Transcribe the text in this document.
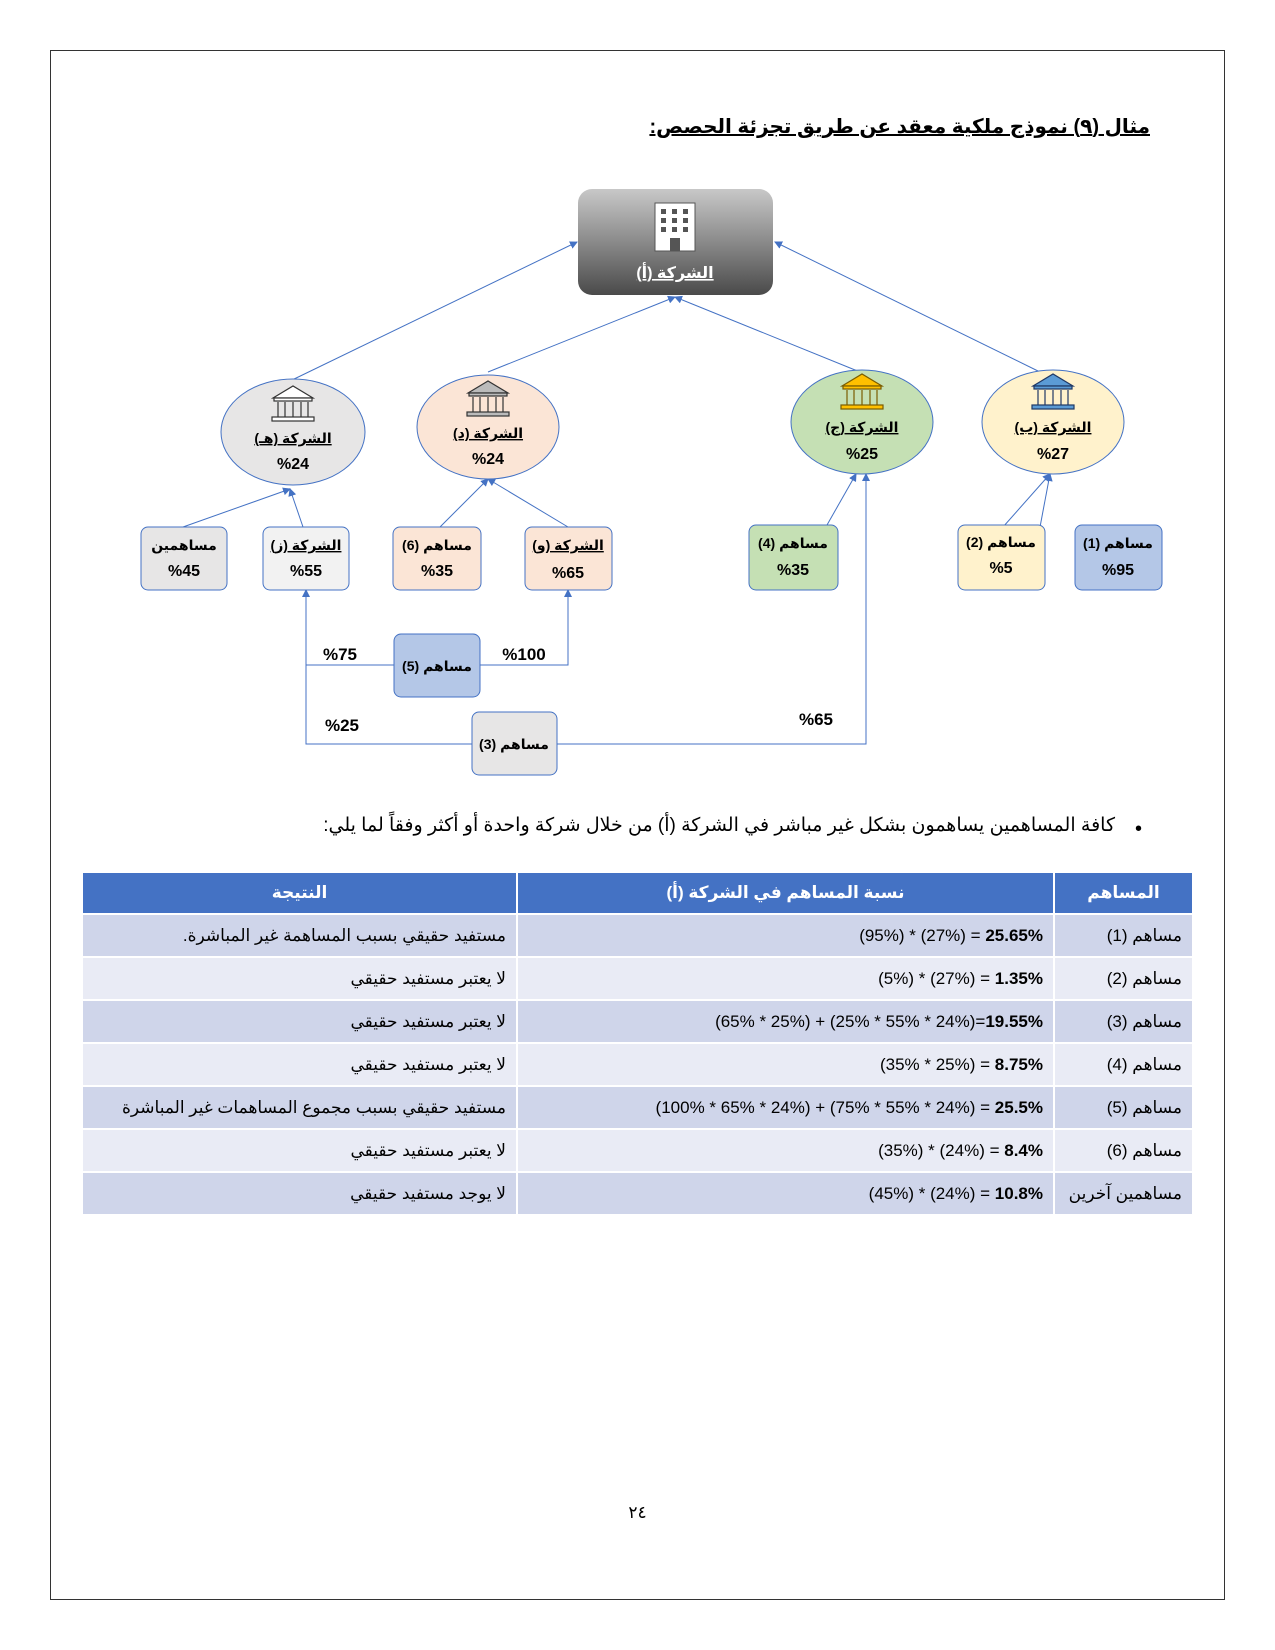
مثال (٩) نموذج ملكية معقد عن طريق تجزئة الحصص:
الشركة (أ)
الشركة (هـ)
%24
الشركة (د)
%24
الشركة (ج)
%25
الشركة (ب)
%27
مساهمين
%45
الشركة (ز)
%55
مساهم (6)
%35
الشركة (و)
%65
مساهم (4)
%35
مساهم (2)
%5
مساهم (1)
%95
مساهم (5)
%75	%100
مساهم (3)
%25	%65
•
كافة المساهمين يساهمون بشكل غير مباشر في الشركة (أ) من خلال شركة واحدة أو أكثر وفقاً لما يلي:
المساهم	نسبة المساهم في الشركة (أ)	النتيجة
مساهم (1)	(95%) * (27%) = 25.65%	مستفيد حقيقي بسبب المساهمة غير المباشرة.
مساهم (2)	(5%) * (27%) = 1.35%	لا يعتبر مستفيد حقيقي
مساهم (3)	(65% * 25%) + (25% * 55% * 24%)=19.55%	لا يعتبر مستفيد حقيقي
مساهم (4)	(35% * 25%) = 8.75%	لا يعتبر مستفيد حقيقي
مساهم (5)	(100% * 65% * 24%) + (75% * 55% * 24%) = 25.5%	مستفيد حقيقي بسبب مجموع المساهمات غير المباشرة
مساهم (6)	(35%) * (24%) = 8.4%	لا يعتبر مستفيد حقيقي
مساهمين آخرين	(45%) * (24%) = 10.8%	لا يوجد مستفيد حقيقي
٢٤
